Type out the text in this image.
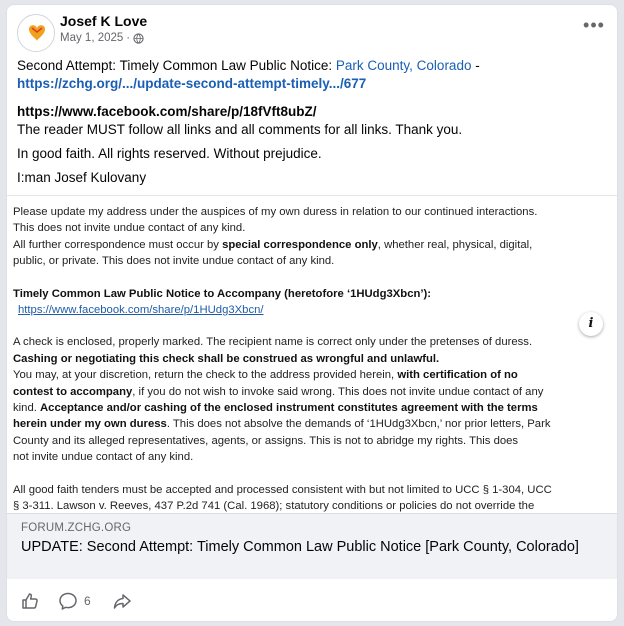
Josef K Love
May 1, 2025 ·
•••

Second Attempt: Timely Common Law Public Notice: Park County, Colorado -

https://zchg.org/.../update-second-attempt-timely.../677

https://www.facebook.com/share/p/18fVft8ubZ/

The reader MUST follow all links and all comments for all links. Thank you.

In good faith. All rights reserved. Without prejudice.

I:man Josef Kulovany

Please update my address under the auspices of my own duress in relation to our continued interactions.
This does not invite undue contact of any kind.
All further correspondence must occur by special correspondence only, whether real, physical, digital,
public, or private. This does not invite undue contact of any kind.

Timely Common Law Public Notice to Accompany (heretofore ‘1HUdg3Xbcn’):

https://www.facebook.com/share/p/1HUdg3Xbcn/

A check is enclosed, properly marked. The recipient name is correct only under the pretenses of duress.
Cashing or negotiating this check shall be construed as wrongful and unlawful.
You may, at your discretion, return the check to the address provided herein, with certification of no
contest to accompany, if you do not wish to invoke said wrong. This does not invite undue contact of any
kind. Acceptance and/or cashing of the enclosed instrument constitutes agreement with the terms
herein under my own duress. This does not absolve the demands of ‘1HUdg3Xbcn,’ nor prior letters, Park
County and its alleged representatives, agents, or assigns. This is not to abridge my rights. This does
not invite undue contact of any kind.

All good faith tenders must be accepted and processed consistent with but not limited to UCC § 1-304, UCC
§ 3-311. Lawson v. Reeves, 437 P.2d 741 (Cal. 1968); statutory conditions or policies do not override the

i
FORUM.ZCHG.ORG
UPDATE: Second Attempt: Timely Common Law Public Notice [Park County, Colorado]
6
